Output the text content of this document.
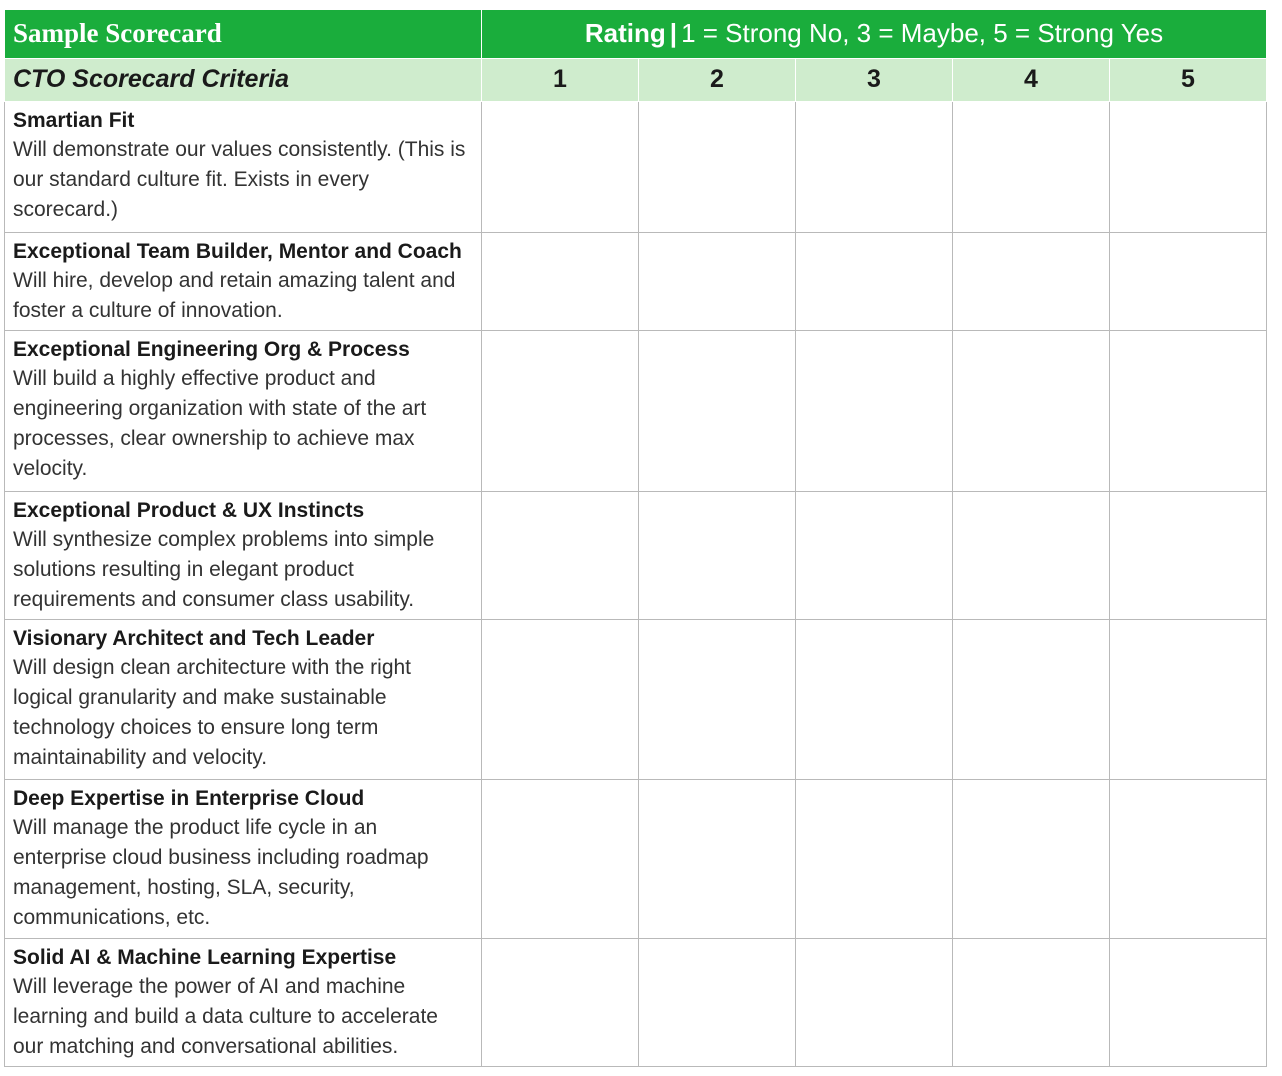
Sample Scorecard	Rating | 1 = Strong No, 3 = Maybe, 5 = Strong Yes				
CTO Scorecard Criteria	1	2	3	4	5

Smartian Fit
Will demonstrate our values consistently. (This is our standard culture fit. Exists in every scorecard.)					

Exceptional Team Builder, Mentor and Coach
Will hire, develop and retain amazing talent and foster a culture of innovation.					

Exceptional Engineering Org & Process
Will build a highly effective product and engineering organization with state of the art processes, clear ownership to achieve max velocity.					

Exceptional Product & UX Instincts
Will synthesize complex problems into simple solutions resulting in elegant product requirements and consumer class usability.					

Visionary Architect and Tech Leader
Will design clean architecture with the right logical granularity and make sustainable technology choices to ensure long term maintainability and velocity.					

Deep Expertise in Enterprise Cloud
Will manage the product life cycle in an enterprise cloud business including roadmap management, hosting, SLA, security, communications, etc.					

Solid AI & Machine Learning Expertise
Will leverage the power of AI and machine learning and build a data culture to accelerate our matching and conversational abilities.					
